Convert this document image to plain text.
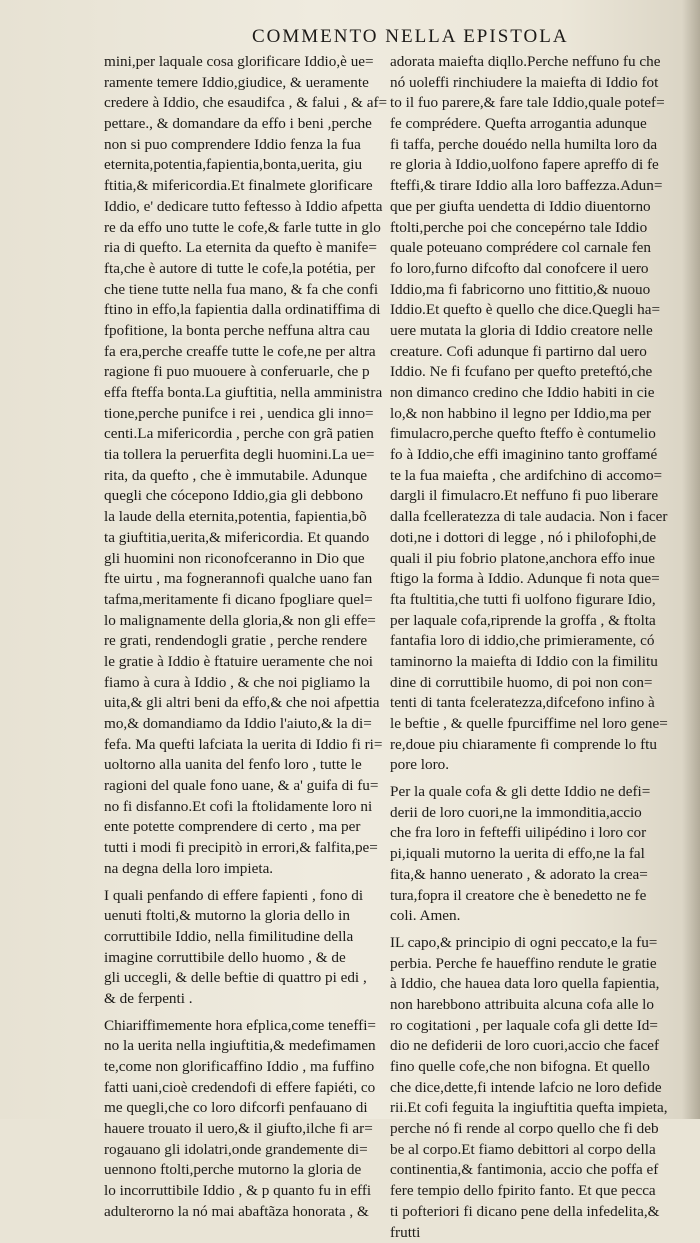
COMMENTO NELLA EPISTOLA
mini,per laquale cosa glorificare Iddio,è ue=
ramente temere Iddio,giudice, & ueramente
credere à Iddio, che esaudifca , & falui , & af=
pettare., & domandare da effo i beni ,perche
non si puo comprendere Iddio fenza la fua
eternita,potentia,fapientia,bonta,uerita, giu
ftitia,& mifericordia.Et finalmete glorificare
Iddio, e' dedicare tutto feftesso à Iddio afpetta
re da effo uno tutte le cofe,& farle tutte in glo
ria di quefto. La eternita da quefto è manife=
fta,che è autore di tutte le cofe,la potétia, per
che tiene tutte nella fua mano, & fa che confi
ftino in effo,la fapientia dalla ordinatiffima di
fpofitione, la bonta perche neffuna altra cau
fa era,perche creaffe tutte le cofe,ne per altra
ragione fi puo muouere à conferuarle, che p
effa fteffa bonta.La giuftitia, nella amministra
tione,perche punifce i rei , uendica gli inno=
centi.La mifericordia , perche con grã patien
tia tollera la peruerfita degli huomini.La ue=
rita, da quefto , che è immutabile. Adunque
quegli che cócepono Iddio,gia gli debbono
la laude della eternita,potentia, fapientia,bõ
ta giuftitia,uerita,& mifericordia. Et quando
gli huomini non riconofceranno in Dio que
fte uirtu , ma fognerannofi qualche uano fan
tafma,meritamente fi dicano fpogliare quel=
lo malignamente della gloria,& non gli effe=
re grati, rendendogli gratie , perche rendere
le gratie à Iddio è ftatuire ueramente che noi
fiamo à cura à Iddio , & che noi pigliamo la
uita,& gli altri beni da effo,& che noi afpettia
mo,& domandiamo da Iddio l'aiuto,& la di=
fefa. Ma quefti lafciata la uerita di Iddio fi ri=
uoltorno alla uanita del fenfo loro , tutte le
ragioni del quale fono uane, & a' guifa di fu=
no fi disfanno.Et cofi la ftolidamente loro ni
ente potette comprendere di certo , ma per
tutti i modi fi precipitò in errori,& falfita,pe=
na degna della loro impieta.
I quali penfando di effere fapienti , fono di
uenuti ftolti,& mutorno la gloria dello in
corruttibile Iddio, nella fimilitudine della
imagine corruttibile dello huomo , & de
gli uccegli, & delle beftie di quattro pi edi ,
& de ferpenti .
Chiariffimemente hora efplica,come teneffi=
no la uerita nella ingiuftitia,& medefimamen
te,come non glorificaffino Iddio , ma fuffino
fatti uani,cioè credendofi di effere fapiéti, co
me quegli,che co loro difcorfi penfauano di
hauere trouato il uero,& il giufto,ilche fi ar=
rogauano gli idolatri,onde grandemente di=
uennono ftolti,perche mutorno la gloria de
lo incorruttibile Iddio , & p quanto fu in effi
adulterorno la nó mai abaftãza honorata , &
adorata maiefta diqllo.Perche neffuno fu che
nó uoleffi rinchiudere la maiefta di Iddio fot
to il fuo parere,& fare tale Iddio,quale potef=
fe comprédere. Quefta arrogantia adunque
fi taffa, perche douédo nella humilta loro da
re gloria à Iddio,uolfono fapere apreffo di fe
fteffi,& tirare Iddio alla loro baffezza.Adun=
que per giufta uendetta di Iddio diuentorno
ftolti,perche poi che concepérno tale Iddio
quale poteuano comprédere col carnale fen
fo loro,furno difcofto dal conofcere il uero
Iddio,ma fi fabricorno uno fittitio,& nuouo
Iddio.Et quefto è quello che dice.Quegli ha=
uere mutata la gloria di Iddio creatore nelle
creature. Cofi adunque fi partirno dal uero
Iddio. Ne fi fcufano per quefto preteftó,che
non dimanco credino che Iddio habiti in cie
lo,& non habbino il legno per Iddio,ma per
fimulacro,perche quefto fteffo è contumelio
fo à Iddio,che effi imaginino tanto groffamé
te la fua maiefta , che ardifchino di accomo=
dargli il fimulacro.Et neffuno fi puo liberare
dalla fcelleratezza di tale audacia. Non i facer
doti,ne i dottori di legge , nó i philofophi,de
quali il piu fobrio platone,anchora effo inue
ftigo la forma à Iddio. Adunque fi nota que=
fta ftultitia,che tutti fi uolfono figurare Idio,
per laquale cofa,riprende la groffa , & ftolta
fantafia loro di iddio,che primieramente, có
taminorno la maiefta di Iddio con la fimilitu
dine di corruttibile huomo, di poi non con=
tenti di tanta fceleratezza,difcefono infino à
le beftie , & quelle fpurciffime nel loro gene=
re,doue piu chiaramente fi comprende lo ftu
pore loro.
Per la quale cofa & gli dette Iddio ne defi=
derii de loro cuori,ne la immonditia,accio
che fra loro in fefteffi uilipédino i loro cor
pi,iquali mutorno la uerita di effo,ne la fal
fita,& hanno uenerato , & adorato la crea=
tura,fopra il creatore che è benedetto ne fe
coli. Amen.
IL capo,& principio di ogni peccato,e la fu=
perbia. Perche fe haueffino rendute le gratie
à Iddio, che hauea data loro quella fapientia,
non harebbono attribuita alcuna cofa alle lo
ro cogitationi , per laquale cofa gli dette Id=
dio ne defiderii de loro cuori,accio che facef
fino quelle cofe,che non bifogna. Et quello
che dice,dette,fi intende lafcio ne loro defide
rii.Et cofi feguita la ingiuftitia quefta impieta,
perche nó fi rende al corpo quello che fi deb
be al corpo.Et fiamo debittori al corpo della
continentia,& fantimonia, accio che poffa ef
fere tempio dello fpirito fanto. Et que pecca
ti pofteriori fi dicano pene della infedelita,&
frutti
